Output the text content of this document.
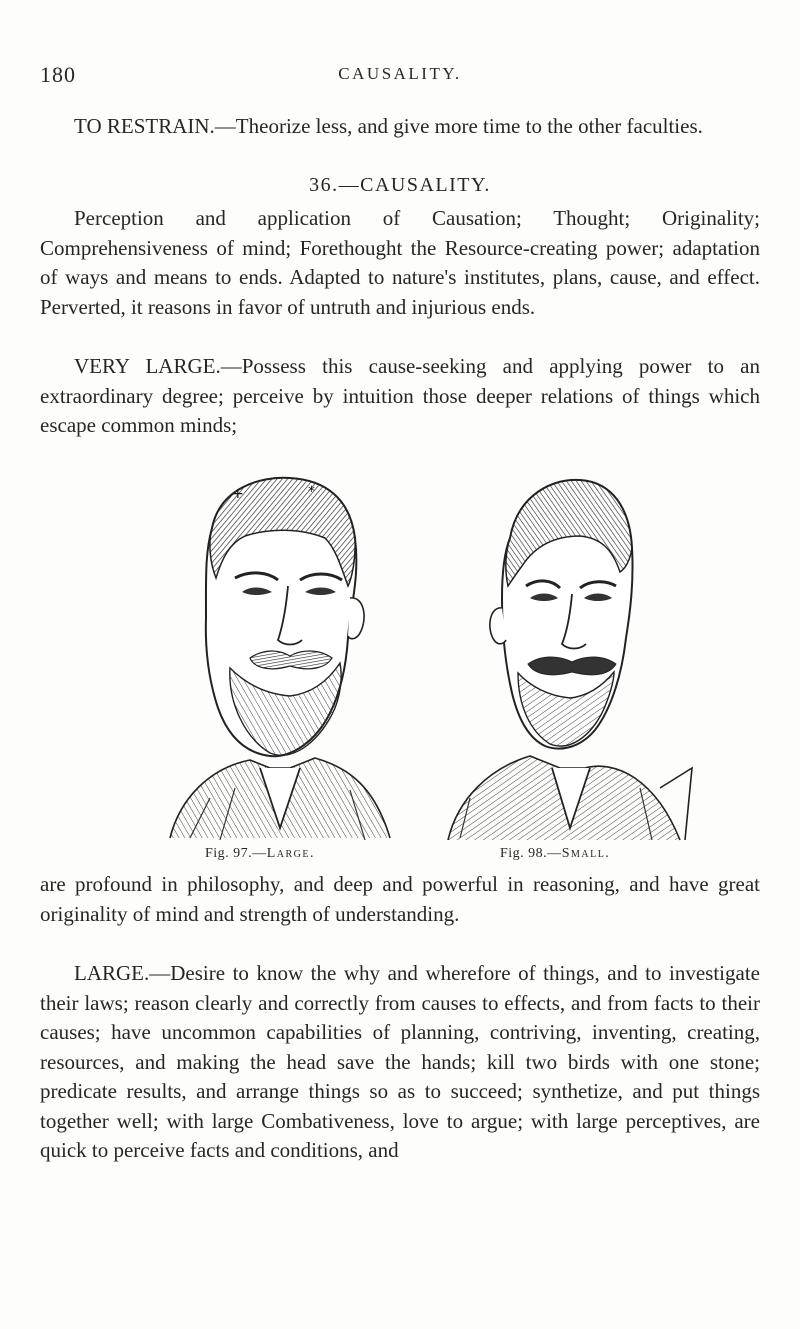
180	CAUSALITY.

TO RESTRAIN.—Theorize less, and give more time to the other faculties.

36.—CAUSALITY.

Perception and application of Causation; Thought; Originality; Comprehensiveness of mind; Forethought the Resource-creating power; adaptation of ways and means to ends. Adapted to nature's institutes, plans, cause, and effect. Perverted, it reasons in favor of untruth and injurious ends.

VERY LARGE.—Possess this cause-seeking and applying power to an extraordinary degree; perceive by intuition those deeper relations of things which escape common minds;

+	*
Fig. 97.—Large.	Fig. 98.—Small.

are profound in philosophy, and deep and powerful in reasoning, and have great originality of mind and strength of understanding.

LARGE.—Desire to know the why and wherefore of things, and to investigate their laws; reason clearly and correctly from causes to effects, and from facts to their causes; have uncommon capabilities of planning, contriving, inventing, creating, resources, and making the head save the hands; kill two birds with one stone; predicate results, and arrange things so as to succeed; synthetize, and put things together well; with large Combativeness, love to argue; with large perceptives, are quick to perceive facts and conditions, and
